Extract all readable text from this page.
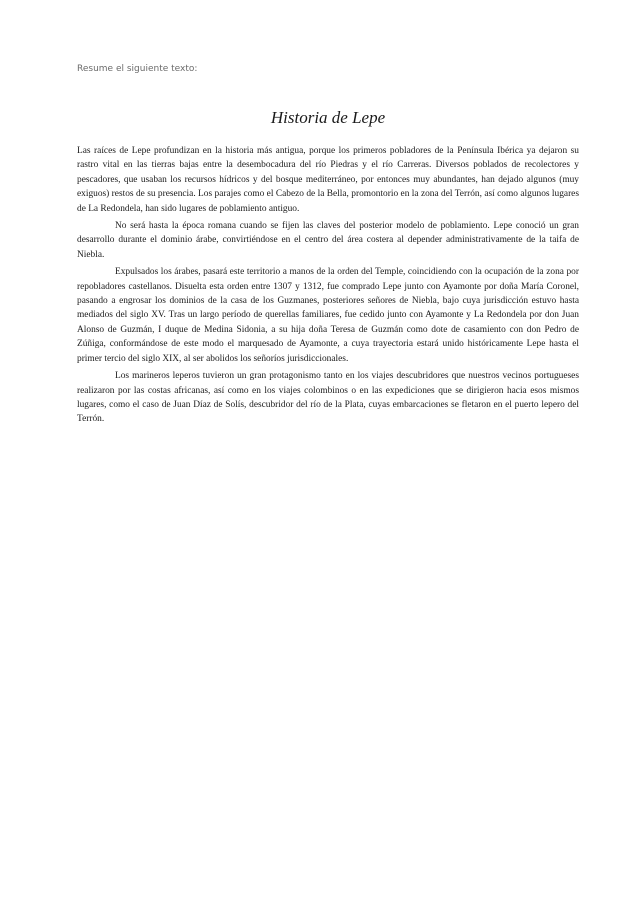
Resume el siguiente texto:

Historia de Lepe

Las raíces de Lepe profundizan en la historia más antigua, porque los primeros pobladores de la Península Ibérica ya dejaron su rastro vital en las tierras bajas entre la desembocadura del río Piedras y el río Carreras. Diversos poblados de recolectores y pescadores, que usaban los recursos hídricos y del bosque mediterráneo, por entonces muy abundantes, han dejado algunos (muy exiguos) restos de su presencia. Los parajes como el Cabezo de la Bella, promontorio en la zona del Terrón, así como algunos lugares de La Redondela, han sido lugares de poblamiento antiguo.

No será hasta la época romana cuando se fijen las claves del posterior modelo de poblamiento. Lepe conoció un gran desarrollo durante el dominio árabe, convirtiéndose en el centro del área costera al depender administrativamente de la taifa de Niebla.

Expulsados los árabes, pasará este territorio a manos de la orden del Temple, coincidiendo con la ocupación de la zona por repobladores castellanos. Disuelta esta orden entre 1307 y 1312, fue comprado Lepe junto con Ayamonte por doña María Coronel, pasando a engrosar los dominios de la casa de los Guzmanes, posteriores señores de Niebla, bajo cuya jurisdicción estuvo hasta mediados del siglo XV. Tras un largo período de querellas familiares, fue cedido junto con Ayamonte y La Redondela por don Juan Alonso de Guzmán, I duque de Medina Sidonia, a su hija doña Teresa de Guzmán como dote de casamiento con don Pedro de Zúñiga, conformándose de este modo el marquesado de Ayamonte, a cuya trayectoria estará unido históricamente Lepe hasta el primer tercio del siglo XIX, al ser abolidos los señoríos jurisdiccionales.

Los marineros leperos tuvieron un gran protagonismo tanto en los viajes descubridores que nuestros vecinos portugueses realizaron por las costas africanas, así como en los viajes colombinos o en las expediciones que se dirigieron hacia esos mismos lugares, como el caso de Juan Díaz de Solís, descubridor del río de la Plata, cuyas embarcaciones se fletaron en el puerto lepero del Terrón.
